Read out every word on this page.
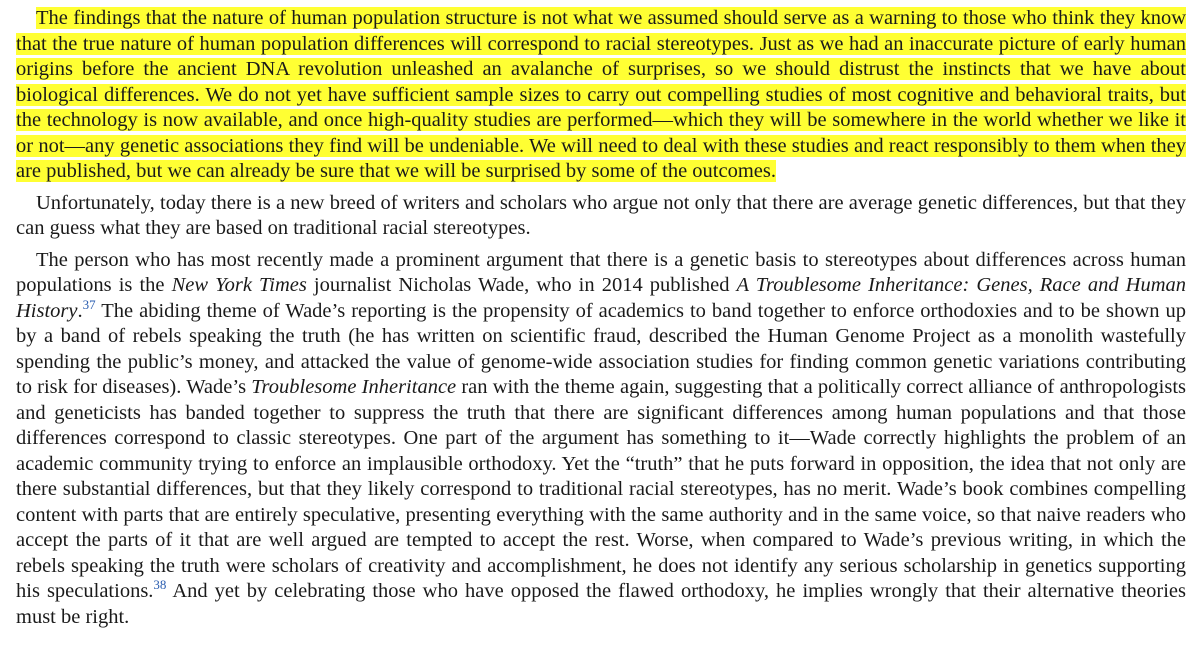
The findings that the nature of human population structure is not what we assumed should serve as a warning to those who think they know that the true nature of human population differences will correspond to racial stereotypes. Just as we had an inaccurate picture of early human origins before the ancient DNA revolution unleashed an avalanche of surprises, so we should distrust the instincts that we have about biological differences. We do not yet have sufficient sample sizes to carry out compelling studies of most cognitive and behavioral traits, but the technology is now available, and once high-quality studies are performed—which they will be somewhere in the world whether we like it or not—any genetic associations they find will be undeniable. We will need to deal with these studies and react responsibly to them when they are published, but we can already be sure that we will be surprised by some of the outcomes.

Unfortunately, today there is a new breed of writers and scholars who argue not only that there are average genetic differences, but that they can guess what they are based on traditional racial stereotypes.

The person who has most recently made a prominent argument that there is a genetic basis to stereotypes about differences across human populations is the New York Times journalist Nicholas Wade, who in 2014 published A Troublesome Inheritance: Genes, Race and Human History.$^{37}$ The abiding theme of Wade’s reporting is the propensity of academics to band together to enforce orthodoxies and to be shown up by a band of rebels speaking the truth (he has written on scientific fraud, described the Human Genome Project as a monolith wastefully spending the public’s money, and attacked the value of genome-wide association studies for finding common genetic variations contributing to risk for diseases). Wade’s Troublesome Inheritance ran with the theme again, suggesting that a politically correct alliance of anthropologists and geneticists has banded together to suppress the truth that there are significant differences among human populations and that those differences correspond to classic stereotypes. One part of the argument has something to it—Wade correctly highlights the problem of an academic community trying to enforce an implausible orthodoxy. Yet the “truth” that he puts forward in opposition, the idea that not only are there substantial differences, but that they likely correspond to traditional racial stereotypes, has no merit. Wade’s book combines compelling content with parts that are entirely speculative, presenting everything with the same authority and in the same voice, so that naive readers who accept the parts of it that are well argued are tempted to accept the rest. Worse, when compared to Wade’s previous writing, in which the rebels speaking the truth were scholars of creativity and accomplishment, he does not identify any serious scholarship in genetics supporting his speculations.$^{38}$ And yet by celebrating those who have opposed the flawed orthodoxy, he implies wrongly that their alternative theories must be right.
